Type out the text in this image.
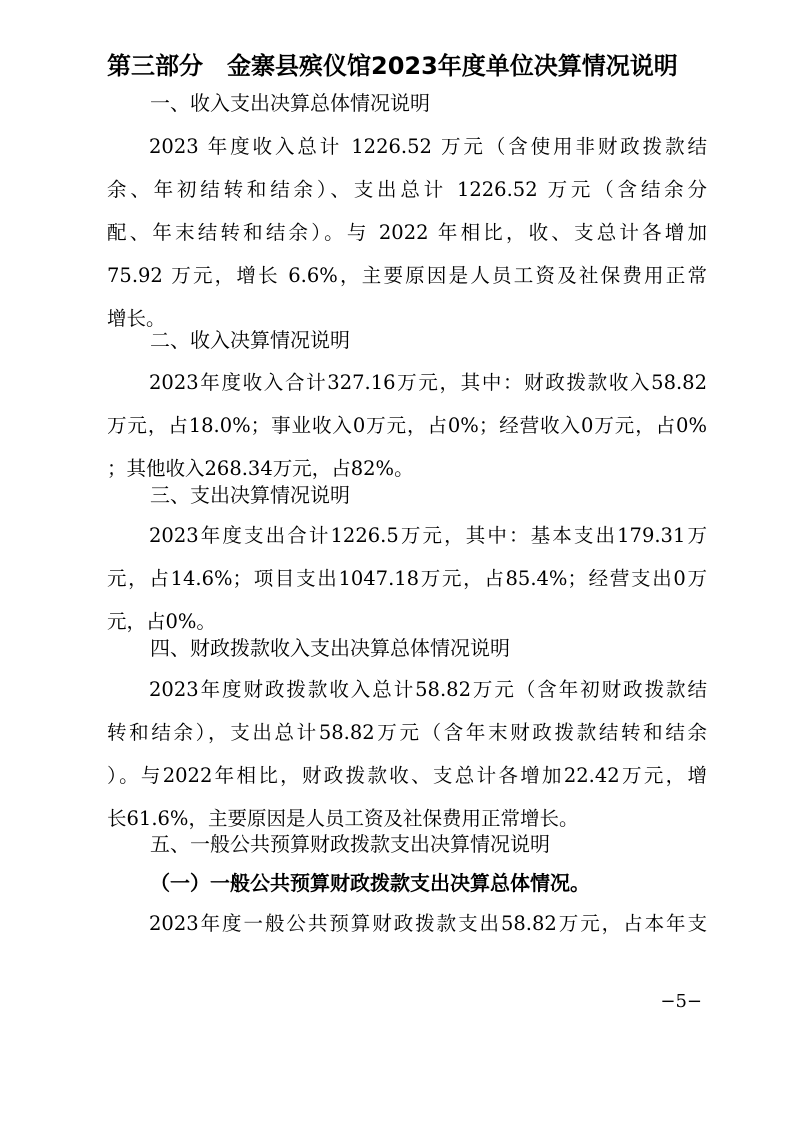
第三部分 金寨县殡仪馆2023年度单位决算情况说明
一、收入支出决算总体情况说明
2023 年度收入总计 1226.52 万元（含使用非财政拨款结
余、年初结转和结余）、支出总计 1226.52 万元（含结余分
配、年末结转和结余）。与 2022 年相比，收、支总计各增加
75.92 万元，增长 6.6%，主要原因是人员工资及社保费用正常
增长。
二、收入决算情况说明
2023年度收入合计327.16万元，其中：财政拨款收入58.82
万元，占18.0%；事业收入0万元，占0%；经营收入0万元，占0%
；其他收入268.34万元，占82%。
三、支出决算情况说明
2023年度支出合计1226.5万元，其中：基本支出179.31万
元，占14.6%；项目支出1047.18万元，占85.4%；经营支出0万
元，占0%。
四、财政拨款收入支出决算总体情况说明
2023年度财政拨款收入总计58.82万元（含年初财政拨款结
转和结余），支出总计58.82万元（含年末财政拨款结转和结余
）。与2022年相比，财政拨款收、支总计各增加22.42万元，增
长61.6%，主要原因是人员工资及社保费用正常增长。
五、一般公共预算财政拨款支出决算情况说明
（一）一般公共预算财政拨款支出决算总体情况。
2023年度一般公共预算财政拨款支出58.82万元，占本年支
−5−
